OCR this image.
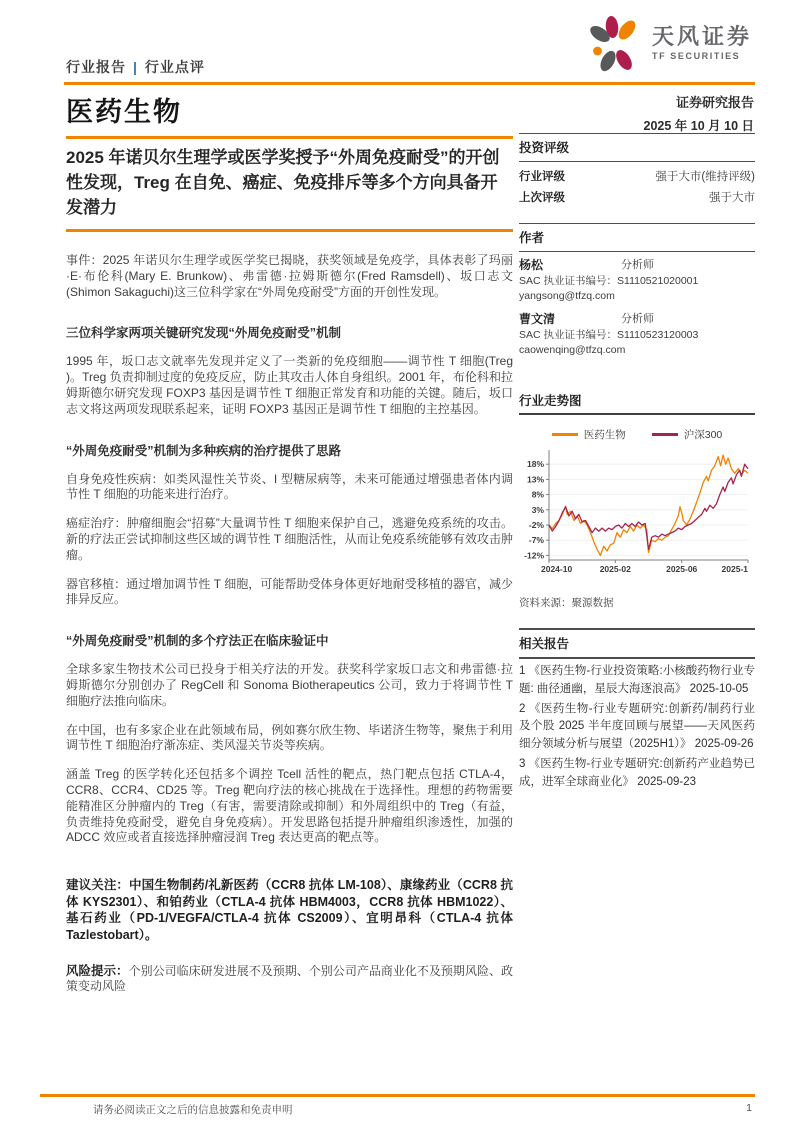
行业报告 | 行业点评
天风证券
TF SECURITIES
医药生物	证券研究报告
2025 年 10 月 10 日
2025 年诺贝尔生理学或医学奖授予“外周免疫耐受”的开创性发现，Treg 在自免、癌症、免疫排斥等多个方向具备开发潜力

事件：2025 年诺贝尔生理学或医学奖已揭晓，获奖领域是免疫学，具体表彰了玛丽·E·布伦科(Mary E. Brunkow)、弗雷德·拉姆斯德尔(Fred Ramsdell)、坂口志文(Shimon Sakaguchi)这三位科学家在“外周免疫耐受”方面的开创性发现。

三位科学家两项关键研究发现“外周免疫耐受”机制

1995 年，坂口志文就率先发现并定义了一类新的免疫细胞——调节性 T 细胞(Treg )。Treg 负责抑制过度的免疫反应，防止其攻击人体自身组织。2001 年，布伦科和拉姆斯德尔研究发现 FOXP3 基因是调节性 T 细胞正常发育和功能的关键。随后，坂口志文将这两项发现联系起来，证明 FOXP3 基因正是调节性 T 细胞的主控基因。

“外周免疫耐受”机制为多种疾病的治疗提供了思路

自身免疫性疾病：如类风湿性关节炎、I 型糖尿病等，未来可能通过增强患者体内调节性 T 细胞的功能来进行治疗。

癌症治疗：肿瘤细胞会“招募”大量调节性 T 细胞来保护自己，逃避免疫系统的攻击。新的疗法正尝试抑制这些区域的调节性 T 细胞活性，从而让免疫系统能够有效攻击肿瘤。

器官移植：通过增加调节性 T 细胞，可能帮助受体身体更好地耐受移植的器官，减少排异反应。

“外周免疫耐受”机制的多个疗法正在临床验证中

全球多家生物技术公司已投身于相关疗法的开发。获奖科学家坂口志文和弗雷德·拉姆斯德尔分别创办了 RegCell 和 Sonoma Biotherapeutics 公司，致力于将调节性 T 细胞疗法推向临床。

在中国，也有多家企业在此领域布局，例如赛尔欣生物、毕诺济生物等，聚焦于利用调节性 T 细胞治疗渐冻症、类风湿关节炎等疾病。

涵盖 Treg 的医学转化还包括多个调控 Tcell 活性的靶点，热门靶点包括 CTLA-4，CCR8、CCR4、CD25 等。Treg 靶向疗法的核心挑战在于选择性。理想的药物需要能精准区分肿瘤内的 Treg（有害，需要清除或抑制）和外周组织中的 Treg（有益，负责维持免疫耐受，避免自身免疫病）。开发思路包括提升肿瘤组织渗透性，加强的 ADCC 效应或者直接选择肿瘤浸润 Treg 表达更高的靶点等。

建议关注：中国生物制药/礼新医药（CCR8 抗体 LM-108）、康缘药业（CCR8 抗体 KYS2301）、和铂药业（CTLA-4 抗体 HBM4003，CCR8 抗体 HBM1022）、基石药业（PD-1/VEGFA/CTLA-4 抗体 CS2009）、宜明昂科（CTLA-4 抗体 Tazlestobart）。

风险提示：个别公司临床研发进展不及预期、个别公司产品商业化不及预期风险、政策变动风险

投资评级
行业评级	强于大市(维持评级)
上次评级	强于大市
作者
杨松	分析师
SAC 执业证书编号：S1110521020001
yangsong@tfzq.com
曹文清	分析师
SAC 执业证书编号：S1110523120003
caowenqing@tfzq.com
行业走势图
医药生物	沪深300
18%
13%
8%
3%
-2%
-7%
-12%
2024-10	2025-02	2025-06	2025-1
资料来源：聚源数据
相关报告

1 《医药生物-行业投资策略:小核酸药物行业专题: 曲径通幽，星辰大海逐浪高》 2025-10-05

2 《医药生物-行业专题研究:创新药/制药行业及个股 2025 半年度回顾与展望——天风医药细分领域分析与展望（2025H1）》 2025-09-26

3 《医药生物-行业专题研究:创新药产业趋势已成，进军全球商业化》 2025-09-23

请务必阅读正文之后的信息披露和免责申明	1
